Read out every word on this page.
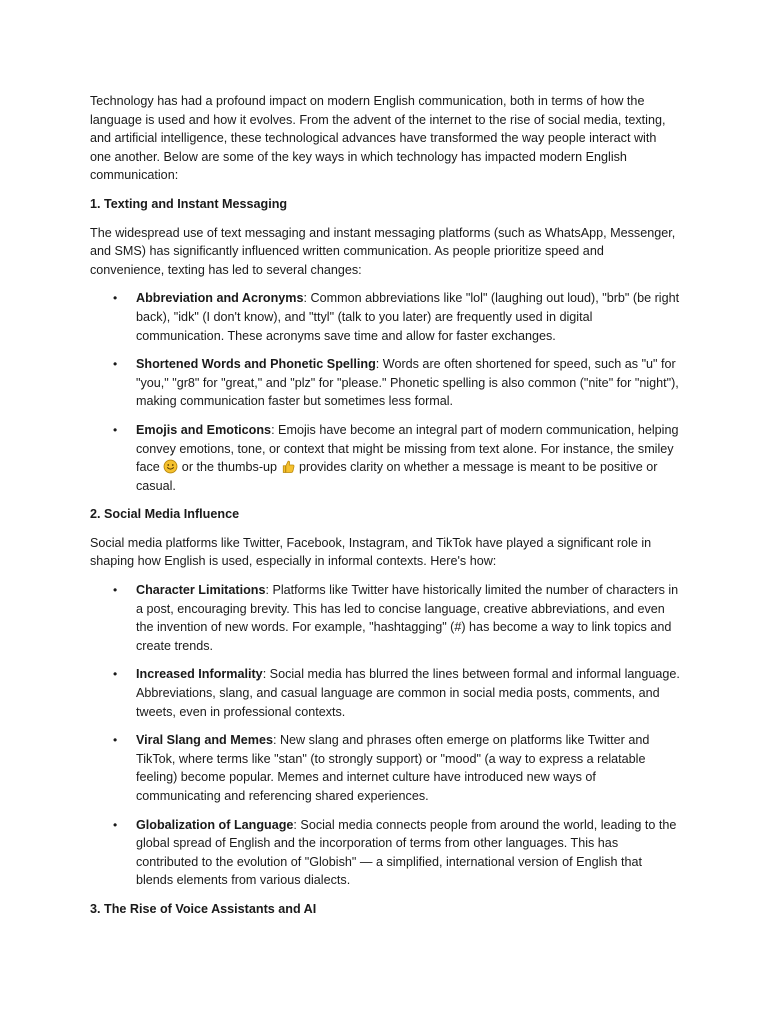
Technology has had a profound impact on modern English communication, both in terms of how the language is used and how it evolves. From the advent of the internet to the rise of social media, texting, and artificial intelligence, these technological advances have transformed the way people interact with one another. Below are some of the key ways in which technology has impacted modern English communication:

1. Texting and Instant Messaging

The widespread use of text messaging and instant messaging platforms (such as WhatsApp, Messenger, and SMS) has significantly influenced written communication. As people prioritize speed and convenience, texting has led to several changes:

• Abbreviation and Acronyms: Common abbreviations like "lol" (laughing out loud), "brb" (be right back), "idk" (I don't know), and "ttyl" (talk to you later) are frequently used in digital communication. These acronyms save time and allow for faster exchanges.
• Shortened Words and Phonetic Spelling: Words are often shortened for speed, such as "u" for "you," "gr8" for "great," and "plz" for "please." Phonetic spelling is also common ("nite" for "night"), making communication faster but sometimes less formal.
• Emojis and Emoticons: Emojis have become an integral part of modern communication, helping convey emotions, tone, or context that might be missing from text alone. For instance, the smiley face  or the thumbs-up  provides clarity on whether a message is meant to be positive or casual.

2. Social Media Influence

Social media platforms like Twitter, Facebook, Instagram, and TikTok have played a significant role in shaping how English is used, especially in informal contexts. Here's how:

• Character Limitations: Platforms like Twitter have historically limited the number of characters in a post, encouraging brevity. This has led to concise language, creative abbreviations, and even the invention of new words. For example, "hashtagging" (#) has become a way to link topics and create trends.
• Increased Informality: Social media has blurred the lines between formal and informal language. Abbreviations, slang, and casual language are common in social media posts, comments, and tweets, even in professional contexts.
• Viral Slang and Memes: New slang and phrases often emerge on platforms like Twitter and TikTok, where terms like "stan" (to strongly support) or "mood" (a way to express a relatable feeling) become popular. Memes and internet culture have introduced new ways of communicating and referencing shared experiences.
• Globalization of Language: Social media connects people from around the world, leading to the global spread of English and the incorporation of terms from other languages. This has contributed to the evolution of "Globish" — a simplified, international version of English that blends elements from various dialects.

3. The Rise of Voice Assistants and AI
